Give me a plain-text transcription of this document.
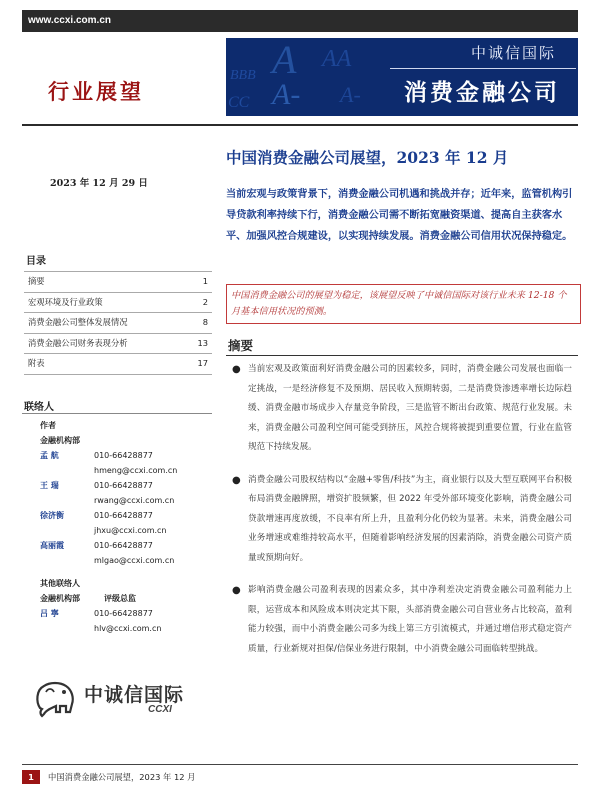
www.ccxi.com.cn
行业展望
BBB A
A-
CC
AA
A-
中诚信国际
消费金融公司
中国消费金融公司展望，2023 年 12 月
2023 年 12 月 29 日
当前宏观与政策背景下，消费金融公司机遇和挑战并存；近年来，监管机构引导贷款利率持续下行，消费金融公司需不断拓宽融资渠道、提高自主获客水平、加强风控合规建设，以实现持续发展。消费金融公司信用状况保持稳定。
中国消费金融公司的展望为稳定，该展望反映了中诚信国际对该行业未来 12-18 个月基本信用状况的预测。
目录
摘要	1
宏观环境及行业政策	2
消费金融公司整体发展情况	8
消费金融公司财务表现分析	13
附表	17
联络人
作者
金融机构部
孟 航	010-66428877
hmeng@ccxi.com.cn
王 瑞	010-66428877
rwang@ccxi.com.cn
徐济衡	010-66428877
jhxu@ccxi.com.cn
高丽霞	010-66428877
mlgao@ccxi.com.cn
其他联络人
金融机构部	评级总监
吕 寧	010-66428877
hlv@ccxi.com.cn
中诚信国际
CCXI
摘要
● 当前宏观及政策面利好消费金融公司的因素较多，同时，消费金融公司发展也面临一定挑战，一是经济修复不及预期、居民收入预期转弱，二是消费贷渗透率增长边际趋缓、消费金融市场成步入存量竞争阶段，三是监管不断出台政策、规范行业发展。未来，消费金融公司盈利空间可能受到挤压，风控合规将被提到重要位置，行业在监管规范下持续发展。
● 消费金融公司股权结构以“金融+零售/科技”为主，商业银行以及大型互联网平台积极布局消费金融牌照，增资扩股频繁，但 2022 年受外部环境变化影响，消费金融公司贷款增速再度放缓，不良率有所上升，且盈利分化仍较为显著。未来，消费金融公司业务增速或难维持较高水平，但随着影响经济发展的因素消除，消费金融公司资产质量或预期向好。
● 影响消费金融公司盈利表现的因素众多，其中净利差决定消费金融公司盈利能力上限，运营成本和风险成本则决定其下限，头部消费金融公司自营业务占比较高，盈利能力较强，而中小消费金融公司多为线上第三方引流模式，并通过增信形式稳定资产质量，行业新规对担保/信保业务进行限制，中小消费金融公司面临转型挑战。
1	中国消费金融公司展望，2023 年 12 月
